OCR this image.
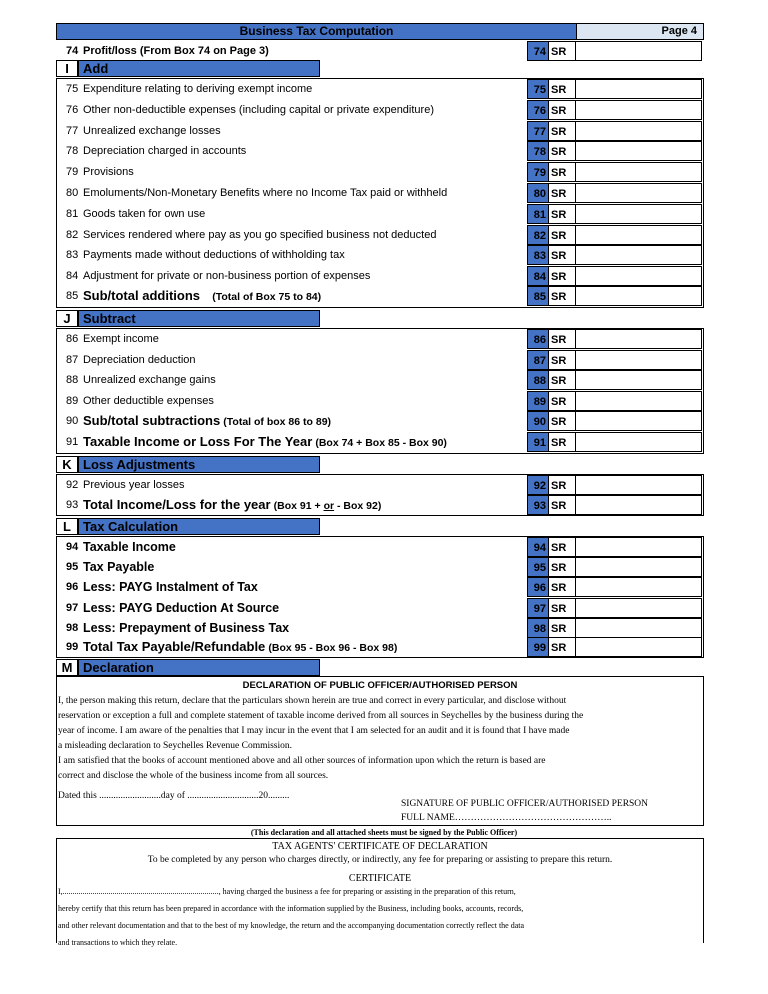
Business Tax Computation	Page 4
74 Profit/loss (From Box 74 on Page 3)	74 SR
I	Add
75 Expenditure relating to deriving exempt income	75 SR
76 Other non-deductible expenses (including capital or private expenditure)	76 SR
77 Unrealized exchange losses	77 SR
78 Depreciation charged in accounts	78 SR
79 Provisions	79 SR
80 Emoluments/Non-Monetary Benefits where no Income Tax paid or withheld	80 SR
81 Goods taken for own use	81 SR
82 Services rendered where pay as you go specified business not deducted	82 SR
83 Payments made without deductions of withholding tax	83 SR
84 Adjustment for private or non-business portion of expenses	84 SR
85 Sub/total additions (Total of Box 75 to 84)	85 SR
J Subtract
86 Exempt income	86 SR
87 Depreciation deduction	87 SR
88 Unrealized exchange gains	88 SR
89 Other deductible expenses	89 SR
90 Sub/total subtractions (Total of box 86 to 89)	90 SR
91 Taxable Income or Loss For The Year (Box 74 + Box 85 - Box 90)	91 SR
K Loss Adjustments
92 Previous year losses	92 SR
93 Total Income/Loss for the year (Box 91 + or - Box 92)	93 SR
L Tax Calculation
94 Taxable Income	94 SR
95 Tax Payable	95 SR
96 Less: PAYG Instalment of Tax	96 SR
97 Less: PAYG Deduction At Source	97 SR
98 Less: Prepayment of Business Tax	98 SR
99 Total Tax Payable/Refundable (Box 95 - Box 96 - Box 98)	99 SR
M Declaration
DECLARATION OF PUBLIC OFFICER/AUTHORISED PERSON
I, the person making this return, declare that the particulars shown herein are true and correct in every particular, and disclose without
reservation or exception a full and complete statement of taxable income derived from all sources in Seychelles by the business during the
year of income. I am aware of the penalties that I may incur in the event that I am selected for an audit and it is found that I have made
a misleading declaration to Seychelles Revenue Commission.
I am satisfied that the books of account mentioned above and all other sources of information upon which the return is based are
correct and disclose the whole of the business income from all sources.
Dated this ..........................day of ..............................20.........
SIGNATURE OF PUBLIC OFFICER/AUTHORISED PERSON
FULL NAME…………………………………………..
(This declaration and all attached sheets must be signed by the Public Officer)
TAX AGENTS' CERTIFICATE OF DECLARATION
To be completed by any person who charges directly, or indirectly, any fee for preparing or assisting to prepare this return.
CERTIFICATE
I,.............................................................................., having charged the business a fee for preparing or assisting in the preparation of this return,
hereby certify that this return has been prepared in accordance with the information supplied by the Business, including books, accounts, records,
and other relevant documentation and that to the best of my knowledge, the return and the accompanying documentation correctly reflect the data
and transactions to which they relate.
